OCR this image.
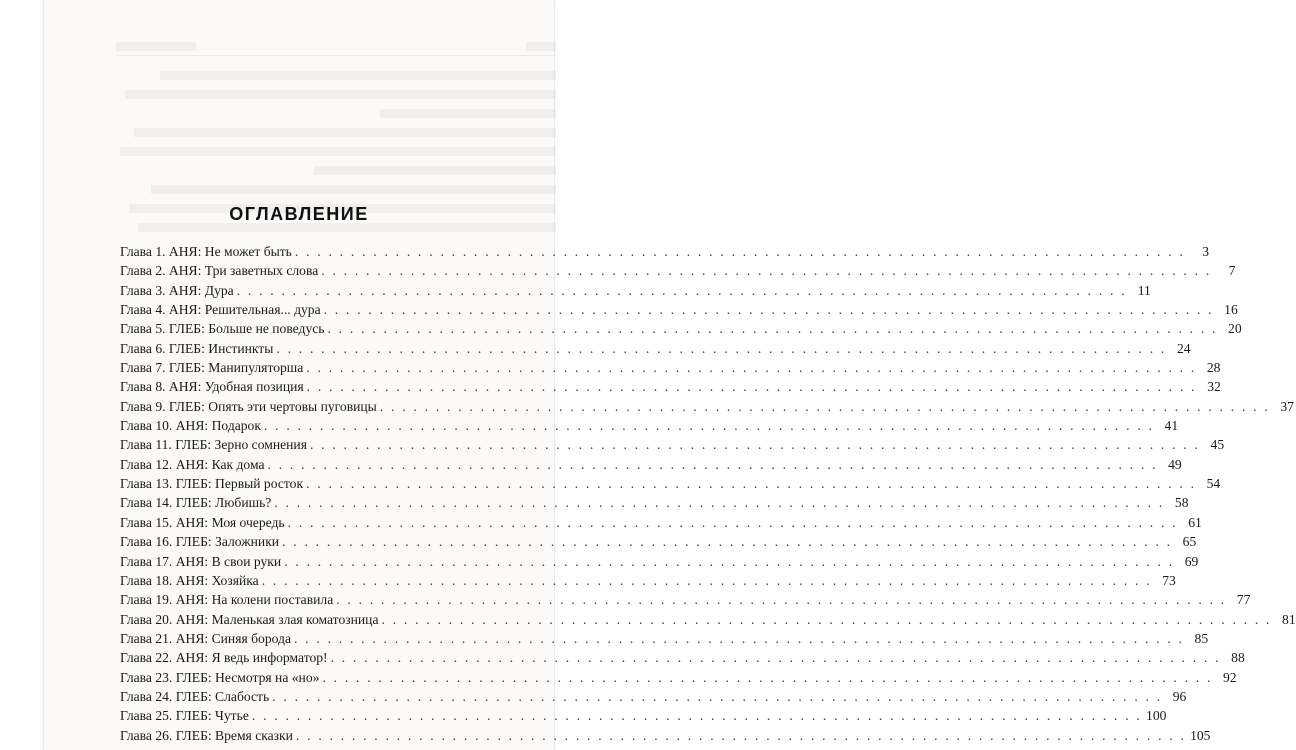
ОГЛАВЛЕНИЕ
Глава 1. АНЯ: Не может быть . . .	3
Глава 2. АНЯ: Три заветных слова . . .	7
Глава 3. АНЯ: Дура . . .	11
Глава 4. АНЯ: Решительная... дура . . .	16
Глава 5. ГЛЕБ: Больше не поведусь . . .	20
Глава 6. ГЛЕБ: Инстинкты . . .	24
Глава 7. ГЛЕБ: Манипуляторша . . .	28
Глава 8. АНЯ: Удобная позиция . . .	32
Глава 9. ГЛЕБ: Опять эти чертовы пуговицы . . .	37
Глава 10. АНЯ: Подарок . . .	41
Глава 11. ГЛЕБ: Зерно сомнения . . .	45
Глава 12. АНЯ: Как дома . . .	49
Глава 13. ГЛЕБ: Первый росток . . .	54
Глава 14. ГЛЕБ: Любишь? . . .	58
Глава 15. АНЯ: Моя очередь . . .	61
Глава 16. ГЛЕБ: Заложники . . .	65
Глава 17. АНЯ: В свои руки . . .	69
Глава 18. АНЯ: Хозяйка . . .	73
Глава 19. АНЯ: На колени поставила . . .	77
Глава 20. АНЯ: Маленькая злая коматозница . . .	81
Глава 21. АНЯ: Синяя борода . . .	85
Глава 22. АНЯ: Я ведь информатор! . . .	88
Глава 23. ГЛЕБ: Несмотря на «но» . . .	92
Глава 24. ГЛЕБ: Слабость . . .	96
Глава 25. ГЛЕБ: Чутье . . .	100
Глава 26. ГЛЕБ: Время сказки . . .	105
